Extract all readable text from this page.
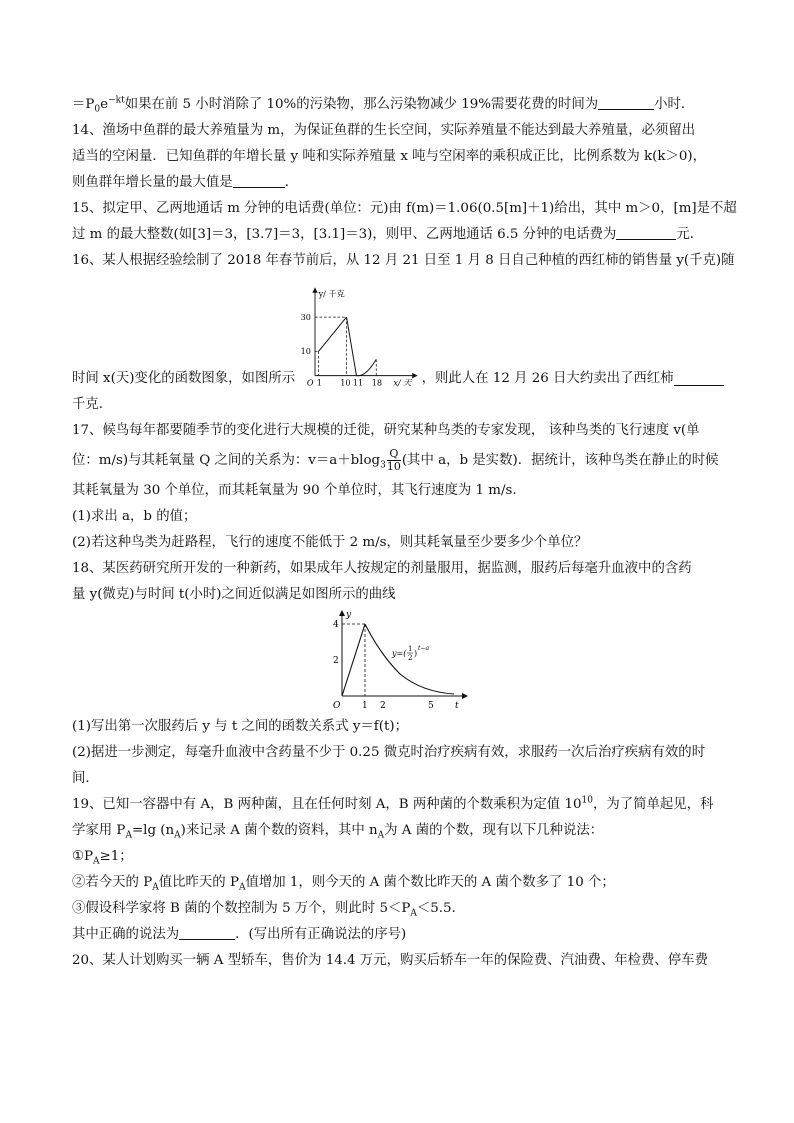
$=P_0e^{-kt}$如果在前 5 小时消除了 10%的污染物，那么污染物减少 19%需要花费的时间为	小时．
14、渔场中鱼群的最大养殖量为 m，为保证鱼群的生长空间，实际养殖量不能达到最大养殖量，必须留出
适当的空闲量．已知鱼群的年增长量 y 吨和实际养殖量 x 吨与空闲率的乘积成正比，比例系数为 k(k＞0)，
则鱼群年增长量的最大值是	．
15、拟定甲、乙两地通话 m 分钟的电话费(单位：元)由 f(m)＝1.06(0.5[m]＋1)给出，其中 m＞0，[m]是不超
过 m 的最大整数(如[3]＝3，[3.7]＝3，[3.1]＝3)，则甲、乙两地通话 6.5 分钟的电话费为	元．
16、某人根据经验绘制了 2018 年春节前后，从 12 月 21 日至 1 月 8 日自己种植的西红柿的销售量 y(千克)随
时间 x(天)变化的函数图象，如图所示
y/ 千克
30
10
O 1 10 11 18 x/ 天 ，则此人在 12 月 26 日大约卖出了西红柿
千克．
17、候鸟每年都要随季节的变化进行大规模的迁徙，研究某种鸟类的专家发现， 该种鸟类的飞行速度 v(单
位：m/s)与其耗氧量 Q 之间的关系为：$v=a+blog_3 \frac{Q}{10}$ (其中 a，b 是实数)．据统计，该种鸟类在静止的时候
其耗氧量为 30 个单位，而其耗氧量为 90 个单位时，其飞行速度为 1 m/s.
(1)求出 a，b 的值；
(2)若这种鸟类为赶路程，飞行的速度不能低于 2 m/s，则其耗氧量至少要多少个单位？
18、某医药研究所开发的一种新药，如果成年人按规定的剂量服用，据监测，服药后每毫升血液中的含药
量 y(微克)与时间 t(小时)之间近似满足如图所示的曲线
y
4
2
O 1 2	5 t
y=( 1
2 )
t−a
(1)写出第一次服药后 y 与 t 之间的函数关系式 y＝f(t)；
(2)据进一步测定，每毫升血液中含药量不少于 0.25 微克时治疗疾病有效，求服药一次后治疗疾病有效的时
间．
19、已知一容器中有 A，B 两种菌，且在任何时刻 A，B 两种菌的个数乘积为定值 $10^{10}$，为了简单起见，科
学家用 $P_A=\lg$ $(n_A)$来记录 A 菌个数的资料，其中 $n_A$为 A 菌的个数，现有以下几种说法：
$①P_A\ge 1$；
②若今天的 $P_A$值比昨天的 $P_A$值增加 1，则今天的 A 菌个数比昨天的 A 菌个数多了 10 个；
③假设科学家将 B 菌的个数控制为 5 万个，则此时 $5<P_A<5.5$.
其中正确的说法为	．(写出所有正确说法的序号)
20、某人计划购买一辆 A 型轿车，售价为 14.4 万元，购买后轿车一年的保险费、汽油费、年检费、停车费
